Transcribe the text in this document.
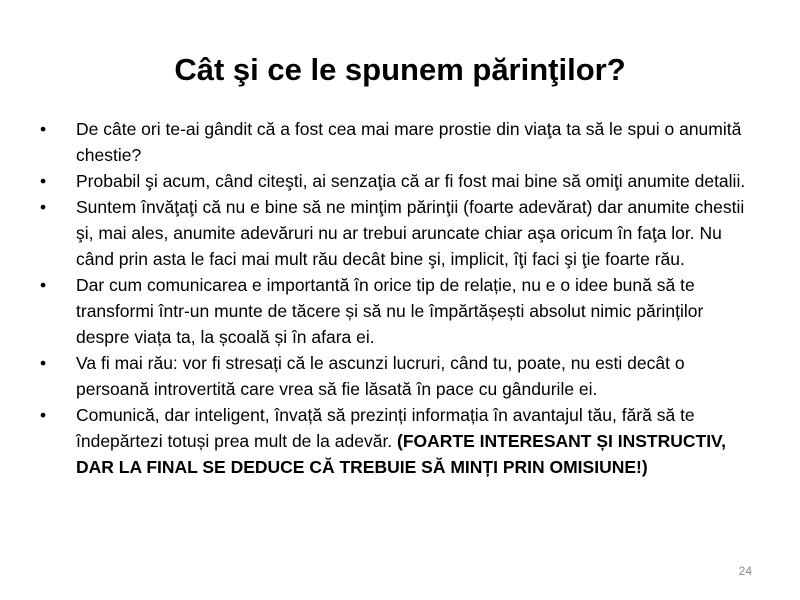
Cât şi ce le spunem părinţilor?
•	De câte ori te-ai gândit că a fost cea mai mare prostie din viaţa ta să le spui o anumită chestie?
•	Probabil şi acum, când citeşti, ai senzaţia că ar fi fost mai bine să omiţi anumite detalii.
•	Suntem învăţaţi că nu e bine să ne minţim părinţii (foarte adevărat) dar anumite chestii şi, mai ales, anumite adevăruri nu ar trebui aruncate chiar aşa oricum în faţa lor. Nu când prin asta le faci mai mult rău decât bine şi, implicit, îţi faci şi ţie foarte rău.
•	Dar cum comunicarea e importantă în orice tip de relație, nu e o idee bună să te transformi într-un munte de tăcere și să nu le împărtășești absolut nimic părinților despre viața ta, la școală și în afara ei.
•	Va fi mai rău: vor fi stresați că le ascunzi lucruri, când tu, poate, nu esti decât o persoană introvertită care vrea să fie lăsată în pace cu gândurile ei.
•	Comunică, dar inteligent, învață să prezinți informația în avantajul tău, fără să te îndepărtezi totuși prea mult de la adevăr. (FOARTE INTERESANT ȘI INSTRUCTIV, DAR LA FINAL SE DEDUCE CĂ TREBUIE SĂ MINȚI PRIN OMISIUNE!)
24
